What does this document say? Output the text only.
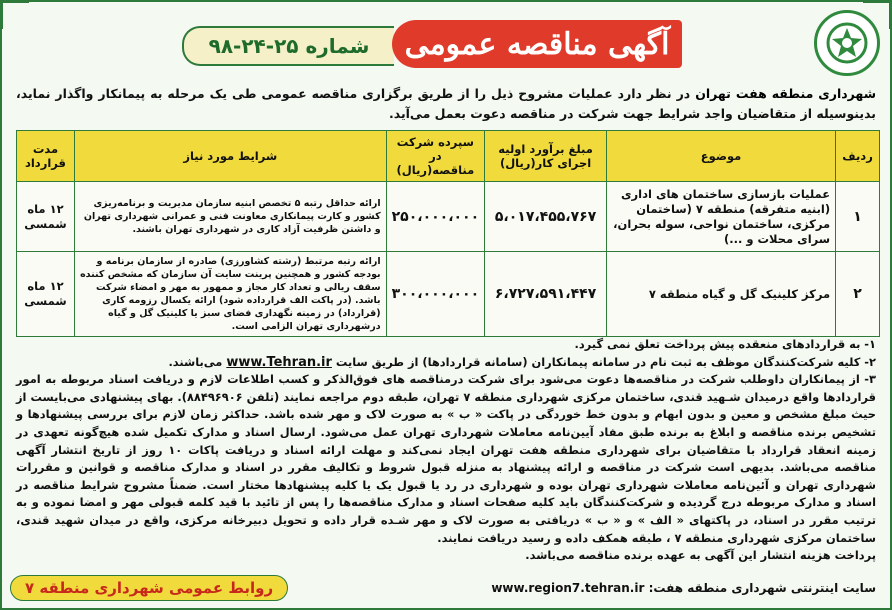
شماره ۲۵-۲۴-۹۸ آگهی مناقصه عمومی
شهرداری منطقه هفت تهران در نظر دارد عملیات مشروح ذیل را از طریق برگزاری مناقصه عمومی طی یک مرحله به پیمانکار واگذار نماید، بدینوسیله از متقاضیان واجد شرایط جهت شرکت در مناقصه دعوت بعمل می‌آید.
ردیف	موضوع	مبلغ برآورد اولیه اجرای کار(ریال)	سپرده شرکت در مناقصه(ریال)	شرایط مورد نیاز	مدت قرارداد
۱	عملیات بازسازی ساختمان های اداری (ابنیه متفرقه) منطقه ۷ (ساختمان مرکزی، ساختمان نواحی، سوله بحران، سرای محلات و ...)	۵،۰۱۷،۴۵۵،۷۶۷	۲۵۰،۰۰۰،۰۰۰	ارائه حداقل رتبه ۵ تخصص ابنیه سازمان مدیریت و برنامه‌ریزی کشور و کارت پیمانکاری معاونت فنی و عمرانی شهرداری تهران و داشتن ظرفیت آزاد کاری در شهرداری تهران باشند.	۱۲ ماه شمسی
۲	مرکز کلینیک گل و گیاه منطقه ۷	۶،۷۲۷،۵۹۱،۴۴۷	۳۰۰،۰۰۰،۰۰۰	ارائه رتبه مرتبط (رشته کشاورزی) صادره از سازمان برنامه و بودجه کشور و همچنین پرینت سایت آن سازمان که مشخص کننده سقف ریالی و تعداد کار مجاز و ممهور به مهر و امضاء شرکت باشد. (در پاکت الف قرارداده شود) ارائه یکسال رزومه کاری (قرارداد) در زمینه نگهداری فضای سبز یا کلینیک گل و گیاه درشهرداری تهران الزامی است.	۱۲ ماه شمسی

۱- به قراردادهای منعقده پیش پرداخت تعلق نمی گیرد.

۲- کلیه شرکت‌کنندگان موظف به ثبت نام در سامانه پیمانکاران (سامانه قراردادها) از طریق سایت www.Tehran.ir می‌باشند.

۳- از پیمانکاران داوطلب شرکت در مناقصه‌ها دعوت می‌شود برای شرکت درمناقصه های فوق‌الذکر و کسب اطلاعات لازم و دریافت اسناد مربوطه به امور قراردادها واقع درمیدان شـهید قندی، ساختمان مرکزی شهرداری منطقه ۷ تهران، طبقه دوم مراجعه نمایند (تلفن ۸۸۴۹۶۹۰۶). بهای پیشنهادی می‌بایست از حیث مبلغ مشخص و معین و بدون ابهام و بدون خط خوردگی در پاکت « ب » به صورت لاک و مهر شده باشد. حداکثر زمان لازم برای بررسی پیشنهادها و تشخیص برنده مناقصه و ابلاغ به برنده طبق مفاد آیین‌نامه معاملات شهرداری تهران عمل می‌شود. ارسال اسناد و مدارک تکمیل شده هیچ‌گونه تعهدی در زمینه انعقاد قرارداد با متقاضیان برای شهرداری منطقه هفت تهران ایجاد نمی‌کند و مهلت ارائه اسناد و دریافت پاکات ۱۰ روز از تاریخ انتشار آگهی مناقصه می‌باشد. بدیهی است شرکت در مناقصه و ارائه پیشنهاد به منزله قبول شروط و تکالیف مقرر در اسناد و مدارک مناقصه و قوانین و مقررات شهرداری تهران و آئین‌نامه معاملات شهرداری تهران بوده و شهرداری در رد یا قبول یک یا کلیه پیشنهادها مختار است. ضمناً مشروح شرایط مناقصه در اسناد و مدارک مربوطه درج گردیده و شرکت‌کنندگان باید کلیه صفحات اسناد و مدارک مناقصه‌ها را پس از تائید با قید کلمه قبولی مهر و امضا نموده و به ترتیب مقرر در اسناد، در پاکتهای « الف » و « ب » دریافتی به صورت لاک و مهر شـده قرار داده و تحویل دبیرخانه مرکزی، واقع در میدان شهید قندی، ساختمان مرکزی شهرداری منطقه ۷ ، طبقه همکف داده و رسید دریافت نمایند.

پرداخت هزینه انتشار این آگهی به عهده برنده مناقصه می‌باشد.

سایت اینترنتی شهرداری منطقه هفت: www.region7.tehran.ir
روابط عمومی شهرداری منطقه ۷
